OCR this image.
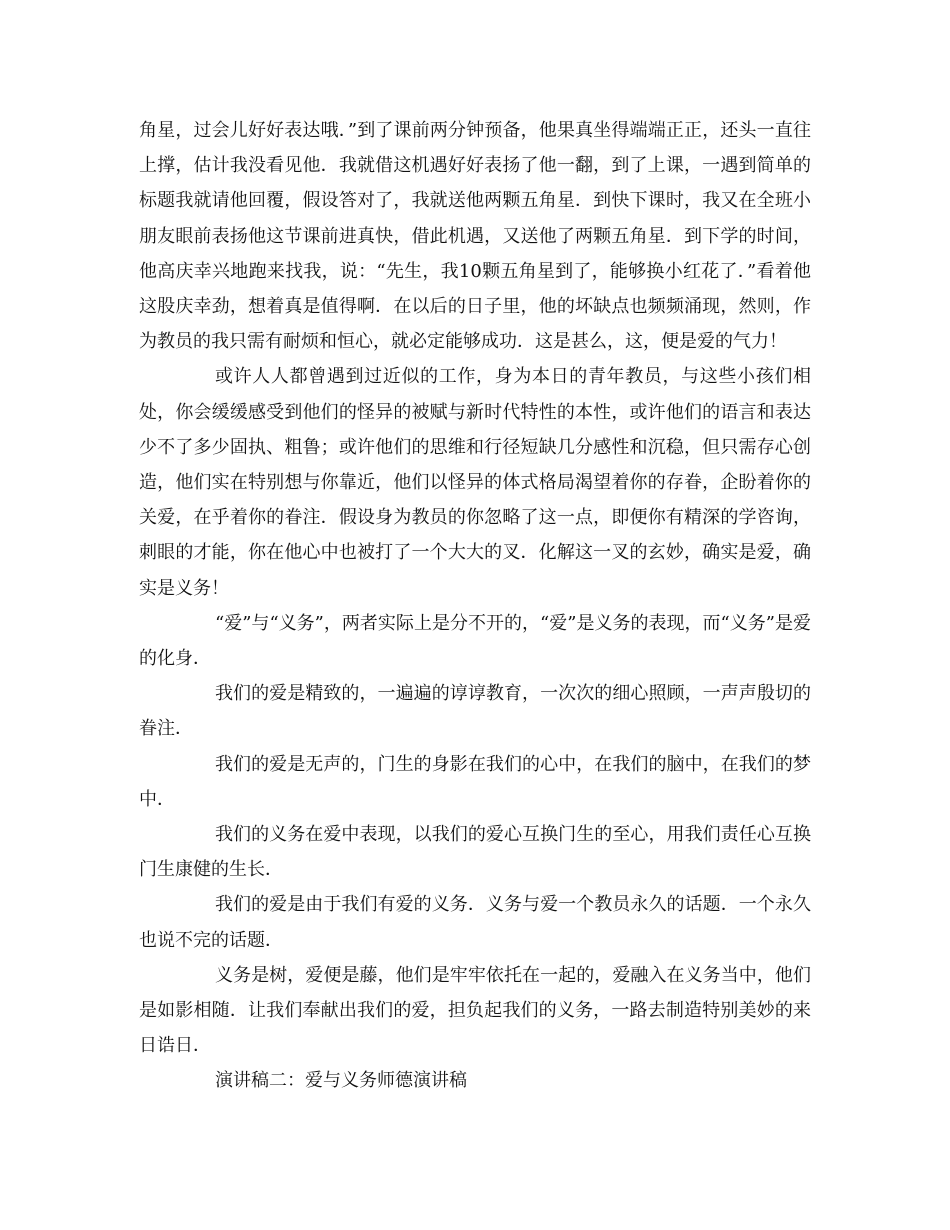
角星，过会儿好好表达哦．”到了课前两分钟预备，他果真坐得端端正正，还头一直往上撑，估计我没看见他．我就借这机遇好好表扬了他一翻，到了上课，一遇到简单的标题我就请他回覆，假设答对了，我就送他两颗五角星．到快下课时，我又在全班小朋友眼前表扬他这节课前进真快，借此机遇，又送他了两颗五角星．到下学的时间，他高庆幸兴地跑来找我，说：“先生，我10颗五角星到了，能够换小红花了．”看着他这股庆幸劲，想着真是值得啊．在以后的日子里，他的坏缺点也频频涌现，然则，作为教员的我只需有耐烦和恒心，就必定能够成功．这是甚么，这，便是爱的气力！

或许人人都曾遇到过近似的工作，身为本日的青年教员，与这些小孩们相处，你会缓缓感受到他们的怪异的被赋与新时代特性的本性，或许他们的语言和表达少不了多少固执、粗鲁；或许他们的思维和行径短缺几分感性和沉稳，但只需存心创造，他们实在特别想与你靠近，他们以怪异的体式格局渴望着你的存眷，企盼着你的关爱，在乎着你的眷注．假设身为教员的你忽略了这一点，即便你有精深的学咨询，刺眼的才能，你在他心中也被打了一个大大的叉．化解这一叉的玄妙，确实是爱，确实是义务！

“爱”与“义务”，两者实际上是分不开的，“爱”是义务的表现，而“义务”是爱的化身．

我们的爱是精致的，一遍遍的谆谆教育，一次次的细心照顾，一声声殷切的眷注．

我们的爱是无声的，门生的身影在我们的心中，在我们的脑中，在我们的梦中．

我们的义务在爱中表现，以我们的爱心互换门生的至心，用我们责任心互换门生康健的生长．

我们的爱是由于我们有爱的义务．义务与爱一个教员永久的话题．一个永久也说不完的话题．

义务是树，爱便是藤，他们是牢牢依托在一起的，爱融入在义务当中，他们是如影相随．让我们奉献出我们的爱，担负起我们的义务，一路去制造特别美妙的来日诰日．

演讲稿二：爱与义务师德演讲稿
